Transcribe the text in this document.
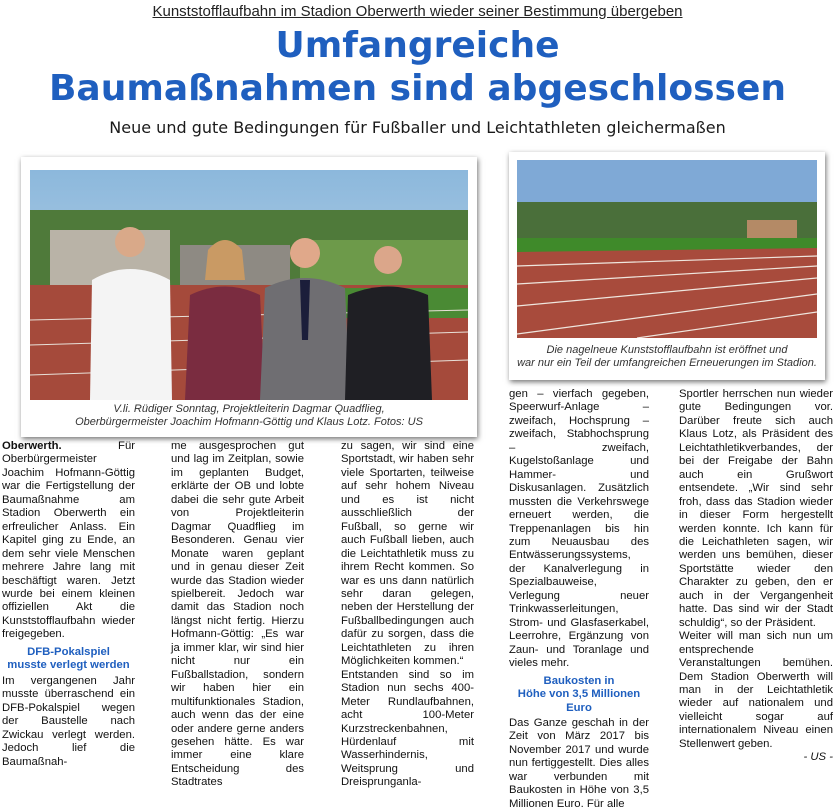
Kunststofflaufbahn im Stadion Oberwerth wieder seiner Bestimmung übergeben
Umfangreiche
Baumaßnahmen sind abgeschlossen
Neue und gute Bedingungen für Fußballer und Leichtathleten gleichermaßen
V.li. Rüdiger Sonntag, Projektleiterin Dagmar Quadflieg,
Oberbürgermeister Joachim Hofmann-Göttig und Klaus Lotz. Fotos: US
Die nagelneue Kunststofflaufbahn ist eröffnet und
war nur ein Teil der umfangreichen Erneuerungen im Stadion.

Oberwerth.	Für Oberbürgermeister Joachim Hofmann-Göttig war die Fertigstellung der Baumaßnahme am Stadion Oberwerth ein erfreulicher Anlass. Ein Kapitel ging zu Ende, an dem sehr viele Menschen mehrere Jahre lang mit beschäftigt waren. Jetzt wurde bei einem kleinen offiziellen Akt die Kunststofflaufbahn wieder freigegeben.

DFB-Pokalspiel
musste verlegt werden

Im vergangenen Jahr musste überraschend ein DFB-Pokalspiel wegen der Baustelle nach Zwickau verlegt werden. Jedoch lief die Baumaßnah-

me ausgesprochen gut und lag im Zeitplan, sowie im geplanten Budget, erklärte der OB und lobte dabei die sehr gute Arbeit von Projektleiterin Dagmar Quadflieg im Besonderen. Genau vier Monate waren geplant und in genau dieser Zeit wurde das Stadion wieder spielbereit. Jedoch war damit das Stadion noch längst nicht fertig. Hierzu Hofmann-Göttig: „Es war ja immer klar, wir sind hier nicht nur ein Fußballstadion, sondern wir haben hier ein multifunktionales Stadion, auch wenn das der eine oder andere gerne anders gesehen hätte. Es war immer eine klare Entscheidung des Stadtrates

zu sagen, wir sind eine Sportstadt, wir haben sehr viele Sportarten, teilweise auf sehr hohem Niveau und es ist nicht ausschließlich der Fußball, so gerne wir auch Fußball lieben, auch die Leichtathletik muss zu ihrem Recht kommen. So war es uns dann natürlich sehr daran gelegen, neben der Herstellung der Fußballbedingungen auch dafür zu sorgen, dass die Leichtathleten zu ihren Möglichkeiten kommen.“

Entstanden sind so im Stadion nun sechs 400-Meter Rundlaufbahnen, acht 100-Meter Kurzstreckenbahnen, Hürdenlauf mit Wasserhindernis, Weitsprung und Dreisprunganla-

gen – vierfach gegeben, Speerwurf-Anlage – zweifach, Hochsprung – zweifach, Stabhochsprung – zweifach, Kugelstoßanlage und Hammer- und Diskusanlagen. Zusätzlich mussten die Verkehrswege erneuert werden, die Treppenanlagen bis hin zum Neuausbau des Entwässerungssystems, der Kanalverlegung in Spezialbauweise, Verlegung neuer Trinkwasserleitungen, Strom- und Glasfaserkabel, Leerrohre, Ergänzung von Zaun- und Toranlage und vieles mehr.

Baukosten in
Höhe von 3,5 Millionen Euro

Das Ganze geschah in der Zeit von März 2017 bis November 2017 und wurde nun fertiggestellt. Dies alles war verbunden mit Baukosten in Höhe von 3,5 Millionen Euro. Für alle

Sportler herrschen nun wieder gute Bedingungen vor. Darüber freute sich auch Klaus Lotz, als Präsident des Leichtathletikverbandes, der bei der Freigabe der Bahn auch ein Grußwort entsendete. „Wir sind sehr froh, dass das Stadion wieder in dieser Form hergestellt werden konnte. Ich kann für die Leichathleten sagen, wir werden uns bemühen, dieser Sportstätte wieder den Charakter zu geben, den er auch in der Vergangenheit hatte. Das sind wir der Stadt schuldig“, so der Präsident.

Weiter will man sich nun um entsprechende Veranstaltungen bemühen. Dem Stadion Oberwerth will man in der Leichtathletik wieder auf nationalem und vielleicht sogar auf internationalem Niveau einen Stellenwert geben.

- US -
